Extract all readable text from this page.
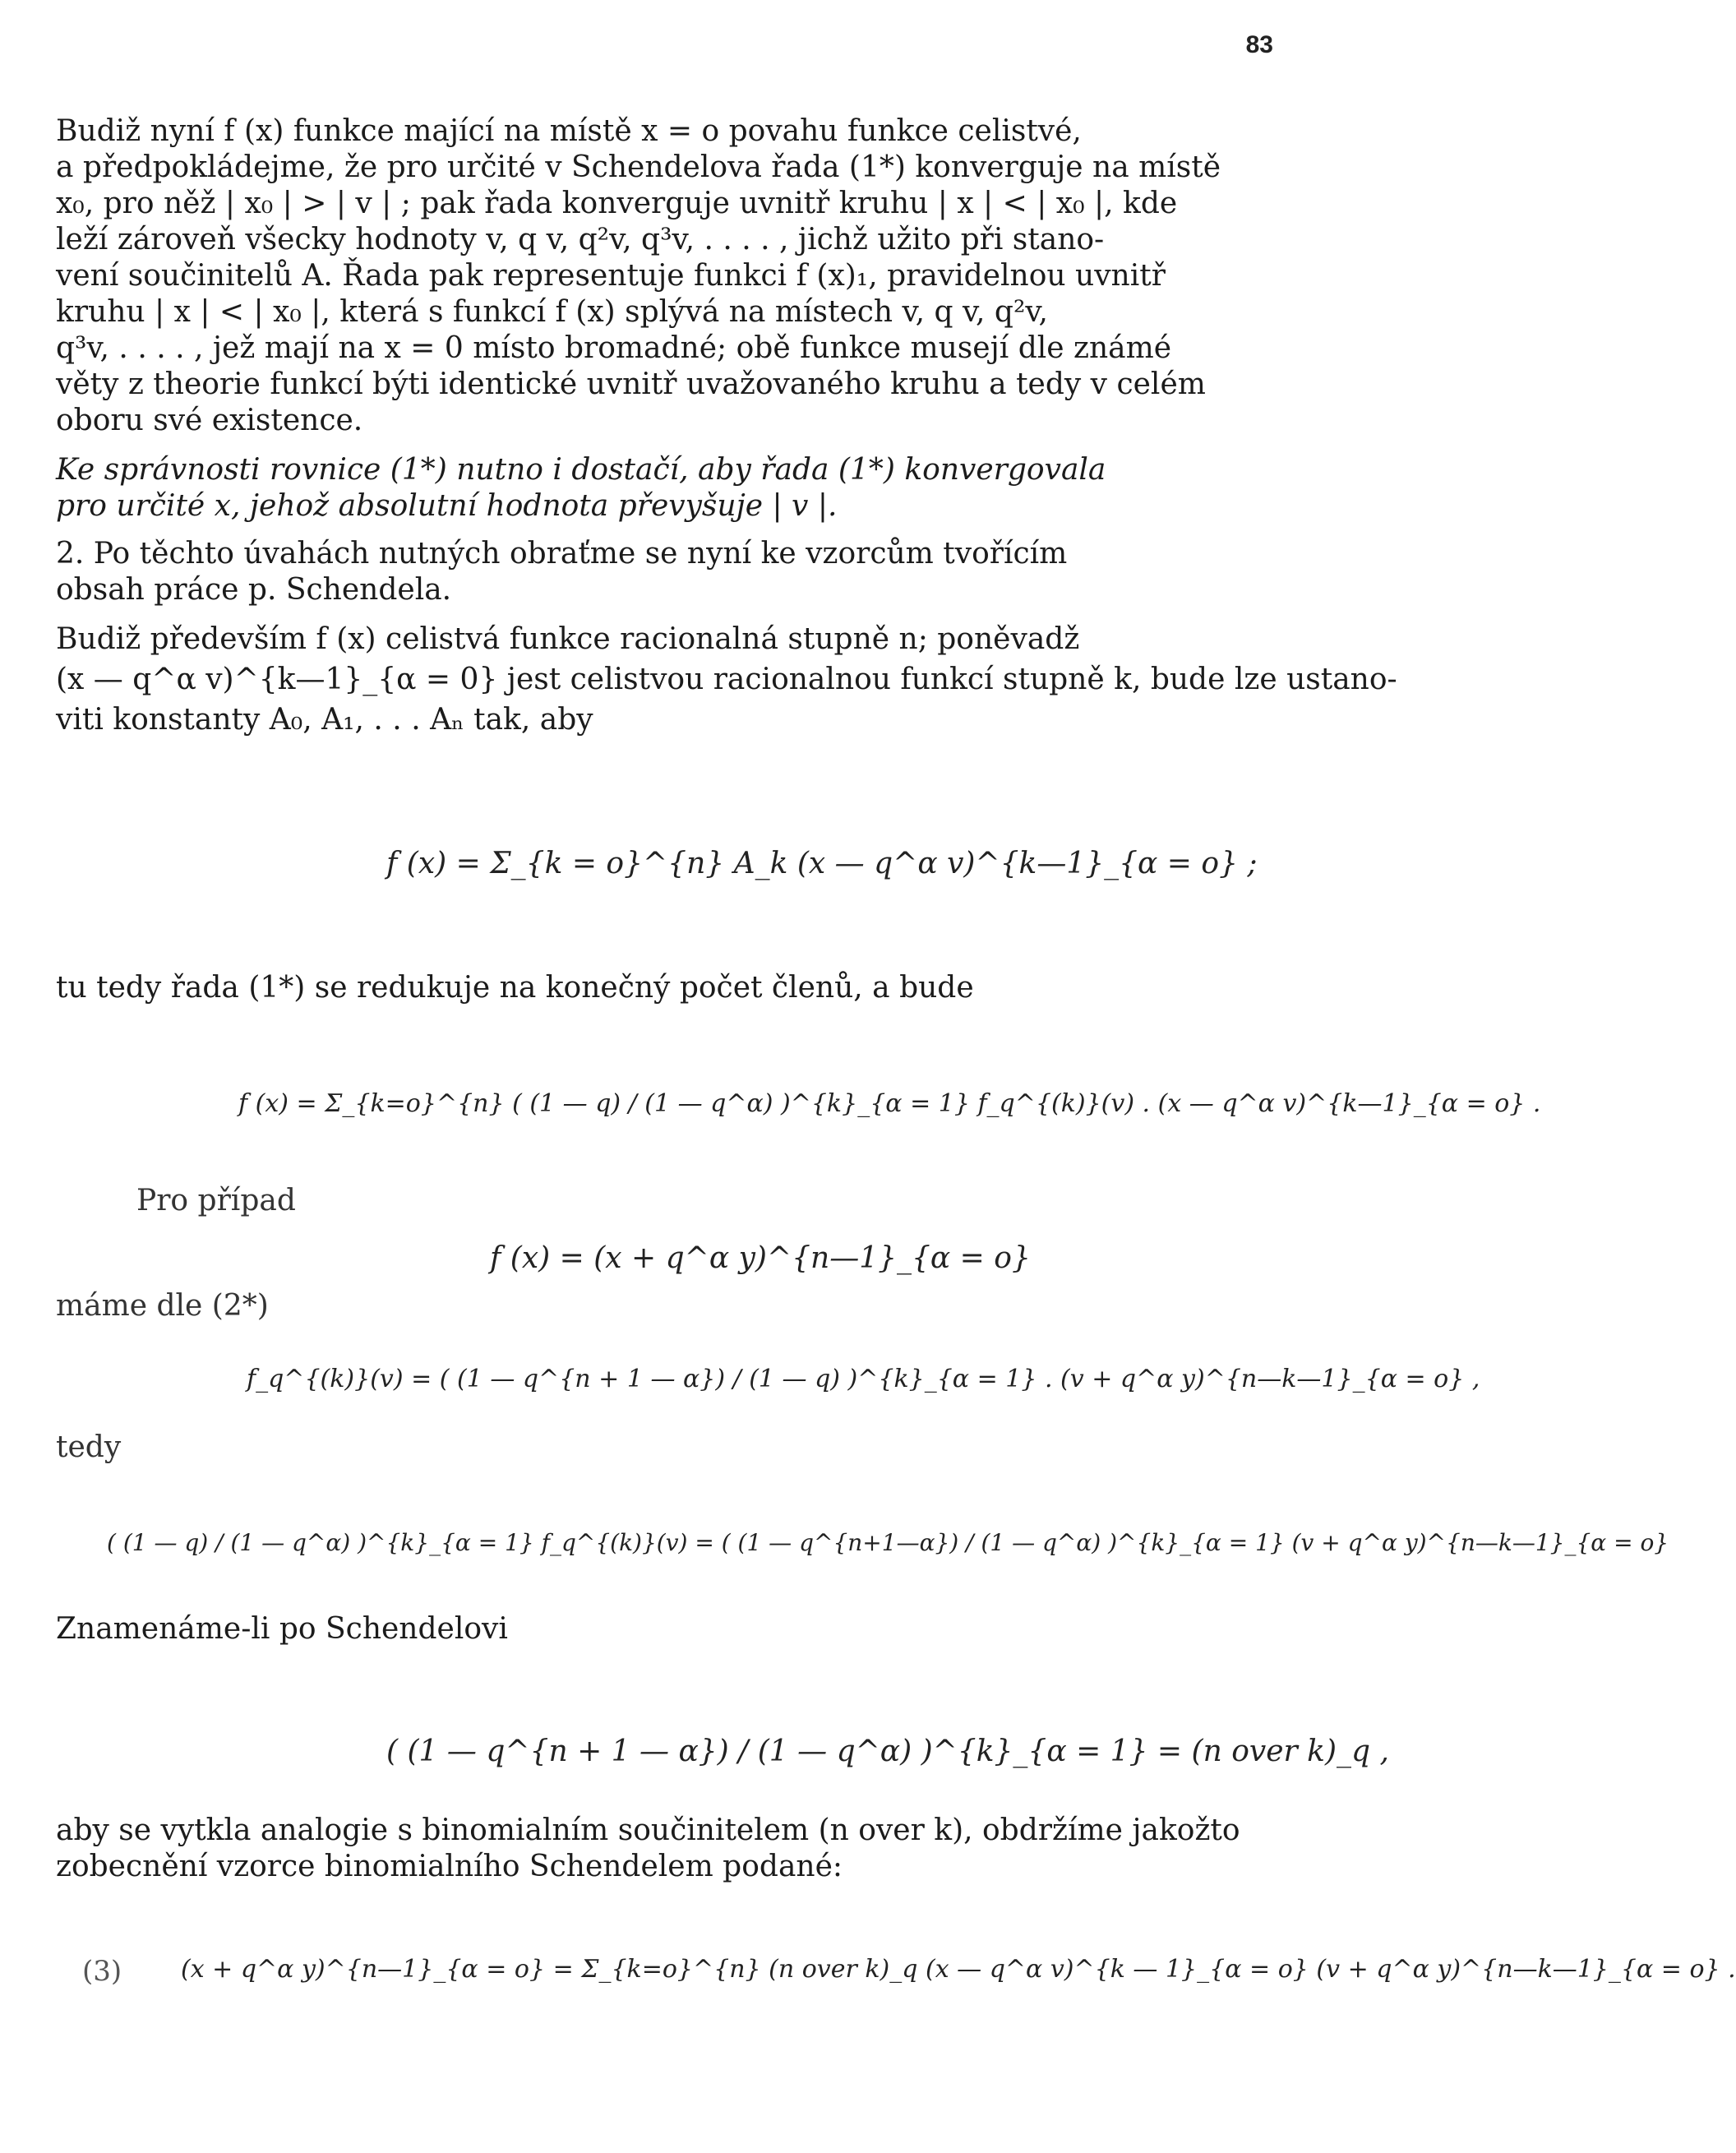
83
Budiž nyní f (x) funkce mající na místě x = o povahu funkce celistvé,
a předpokládejme, že pro určité v Schendelova řada (1*) konverguje na místě
x₀, pro něž | x₀ | > | v | ; pak řada konverguje uvnitř kruhu | x | < | x₀ |, kde
leží zároveň všecky hodnoty v, q v, q²v, q³v, . . . . , jichž užito při stano-
vení součinitelů A. Řada pak representuje funkci f (x)₁, pravidelnou uvnitř
kruhu | x | < | x₀ |, která s funkcí f (x) splývá na místech v, q v, q²v,
q³v, . . . . , jež mají na x = 0 místo bromadné; obě funkce musejí dle známé
věty z theorie funkcí býti identické uvnitř uvažovaného kruhu a tedy v celém
oboru své existence.
Ke správnosti rovnice (1*) nutno i dostačí, aby řada (1*) konvergovala
pro určité x, jehož absolutní hodnota převyšuje | v |.
2. Po těchto úvahách nutných obraťme se nyní ke vzorcům tvořícím
obsah práce p. Schendela.
Budiž především f (x) celistvá funkce racionalná stupně n; poněvadž
(x — q^α v)^{k—1}_{α = 0} jest celistvou racionalnou funkcí stupně k, bude lze ustano-
viti konstanty A₀, A₁, . . . Aₙ tak, aby
f (x) = Σ_{k = o}^{n} A_k (x — q^α v)^{k—1}_{α = o} ;
tu tedy řada (1*) se redukuje na konečný počet členů, a bude
f (x) = Σ_{k=o}^{n} ( (1 — q) / (1 — q^α) )^{k}_{α = 1} f_q^{(k)}(v) . (x — q^α v)^{k—1}_{α = o} .
Pro případ
f (x) = (x + q^α y)^{n—1}_{α = o}
máme dle (2*)
f_q^{(k)}(v) = ( (1 — q^{n + 1 — α}) / (1 — q) )^{k}_{α = 1} . (v + q^α y)^{n—k—1}_{α = o} ,
tedy
( (1 — q) / (1 — q^α) )^{k}_{α = 1} f_q^{(k)}(v) = ( (1 — q^{n+1—α}) / (1 — q^α) )^{k}_{α = 1} (v + q^α y)^{n—k—1}_{α = o}
Znamenáme-li po Schendelovi
( (1 — q^{n + 1 — α}) / (1 — q^α) )^{k}_{α = 1} = (n over k)_q ,
aby se vytkla analogie s binomialním součinitelem (n over k), obdržíme jakožto
zobecnění vzorce binomialního Schendelem podané:
(3) (x + q^α y)^{n—1}_{α = o} = Σ_{k=o}^{n} (n over k)_q (x — q^α v)^{k — 1}_{α = o} (v + q^α y)^{n—k—1}_{α = o} .
